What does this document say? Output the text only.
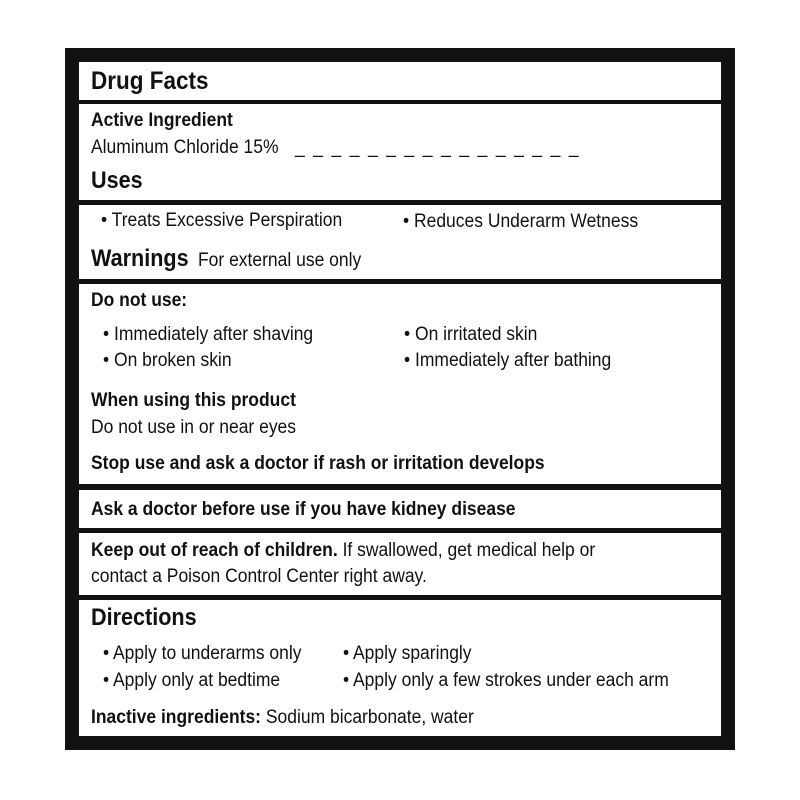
Drug Facts
Active Ingredient
Aluminum Chloride 15% _ _ _ _ _ _ _ _ _ _ _ _ _ _ _ _
Uses
• Treats Excessive Perspiration	• Reduces Underarm Wetness
Warnings For external use only
Do not use:
• Immediately after shaving	• On irritated skin
• On broken skin	• Immediately after bathing
When using this product
Do not use in or near eyes
Stop use and ask a doctor if rash or irritation develops
Ask a doctor before use if you have kidney disease
Keep out of reach of children. If swallowed, get medical help or
contact a Poison Control Center right away.
Directions
• Apply to underarms only • Apply sparingly
• Apply only at bedtime	• Apply only a few strokes under each arm
Inactive ingredients: Sodium bicarbonate, water
